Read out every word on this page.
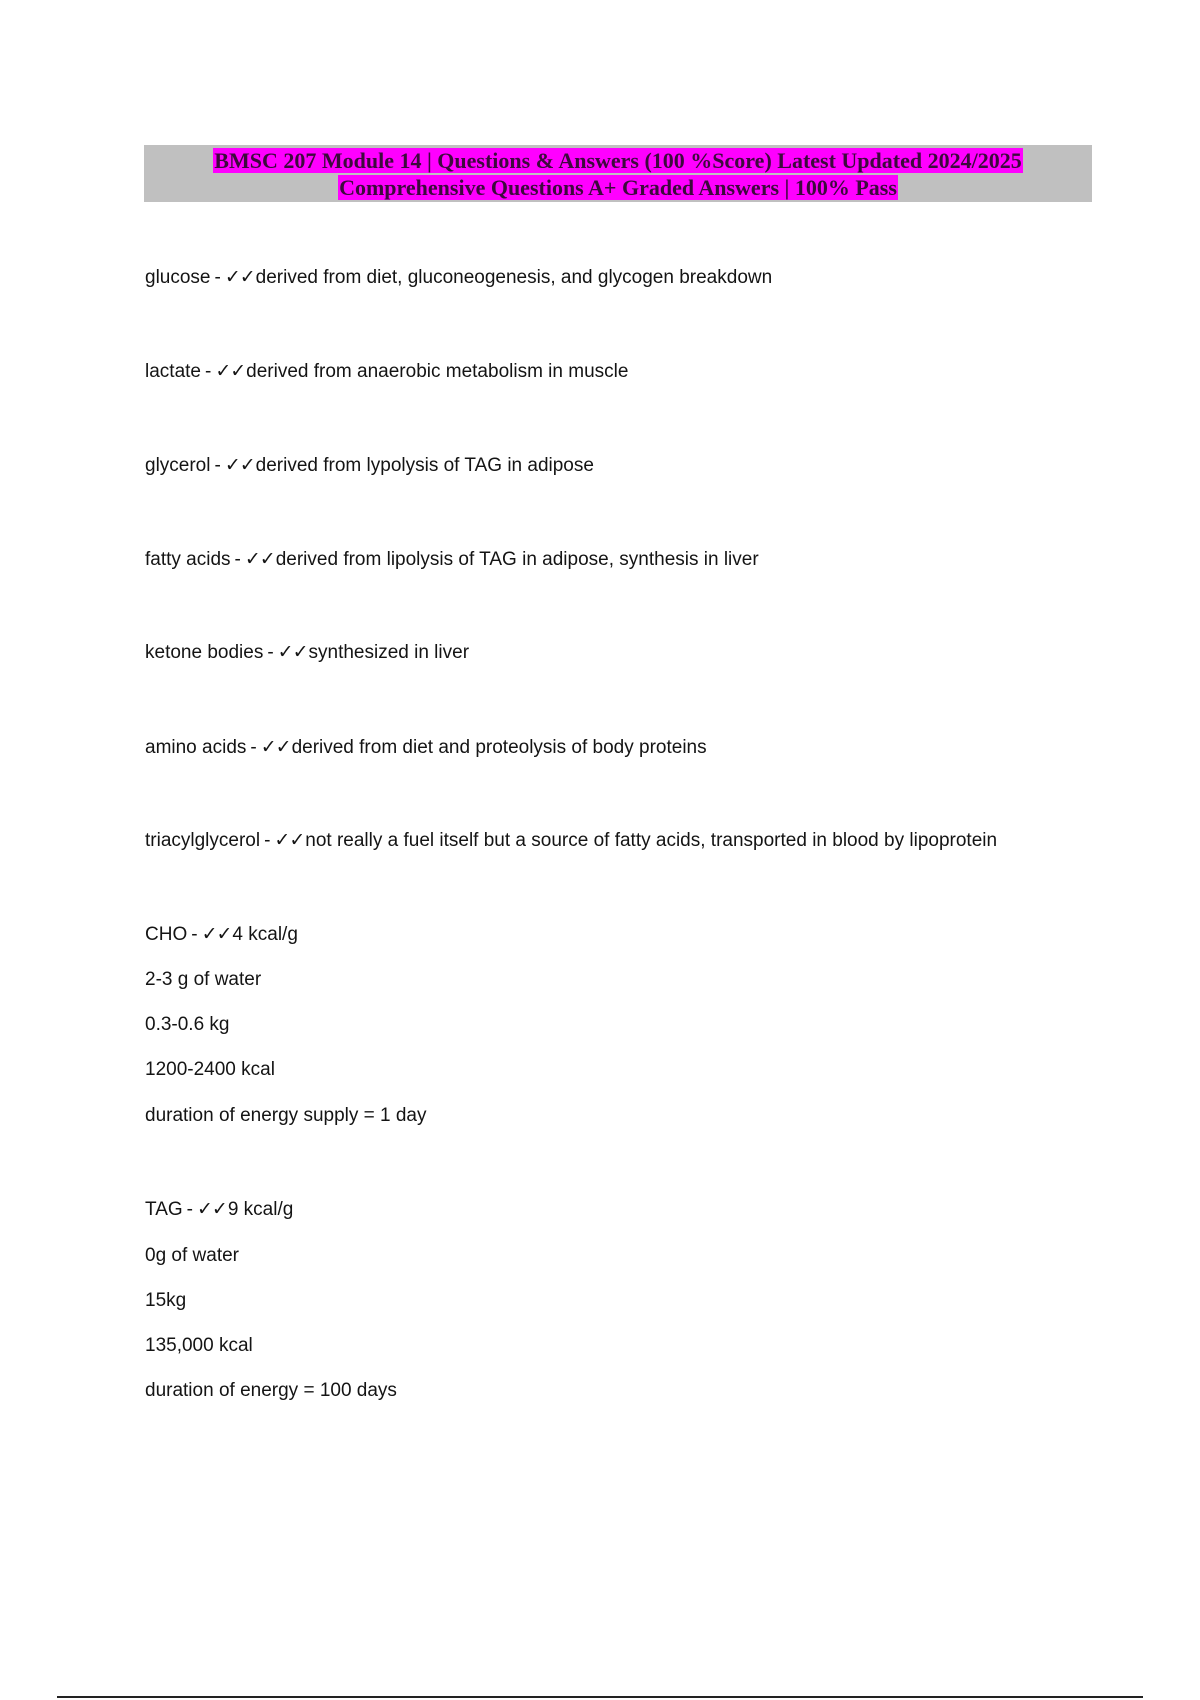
BMSC 207 Module 14 | Questions & Answers (100 %Score) Latest Updated 2024/2025
Comprehensive Questions A+ Graded Answers | 100% Pass
glucose - ✓✓derived from diet, gluconeogenesis, and glycogen breakdown
lactate - ✓✓derived from anaerobic metabolism in muscle
glycerol - ✓✓derived from lypolysis of TAG in adipose
fatty acids - ✓✓derived from lipolysis of TAG in adipose, synthesis in liver
ketone bodies - ✓✓synthesized in liver
amino acids - ✓✓derived from diet and proteolysis of body proteins
triacylglycerol - ✓✓not really a fuel itself but a source of fatty acids, transported in blood by lipoprotein
CHO - ✓✓4 kcal/g
2-3 g of water
0.3-0.6 kg
1200-2400 kcal
duration of energy supply = 1 day
TAG - ✓✓9 kcal/g
0g of water
15kg
135,000 kcal
duration of energy = 100 days
